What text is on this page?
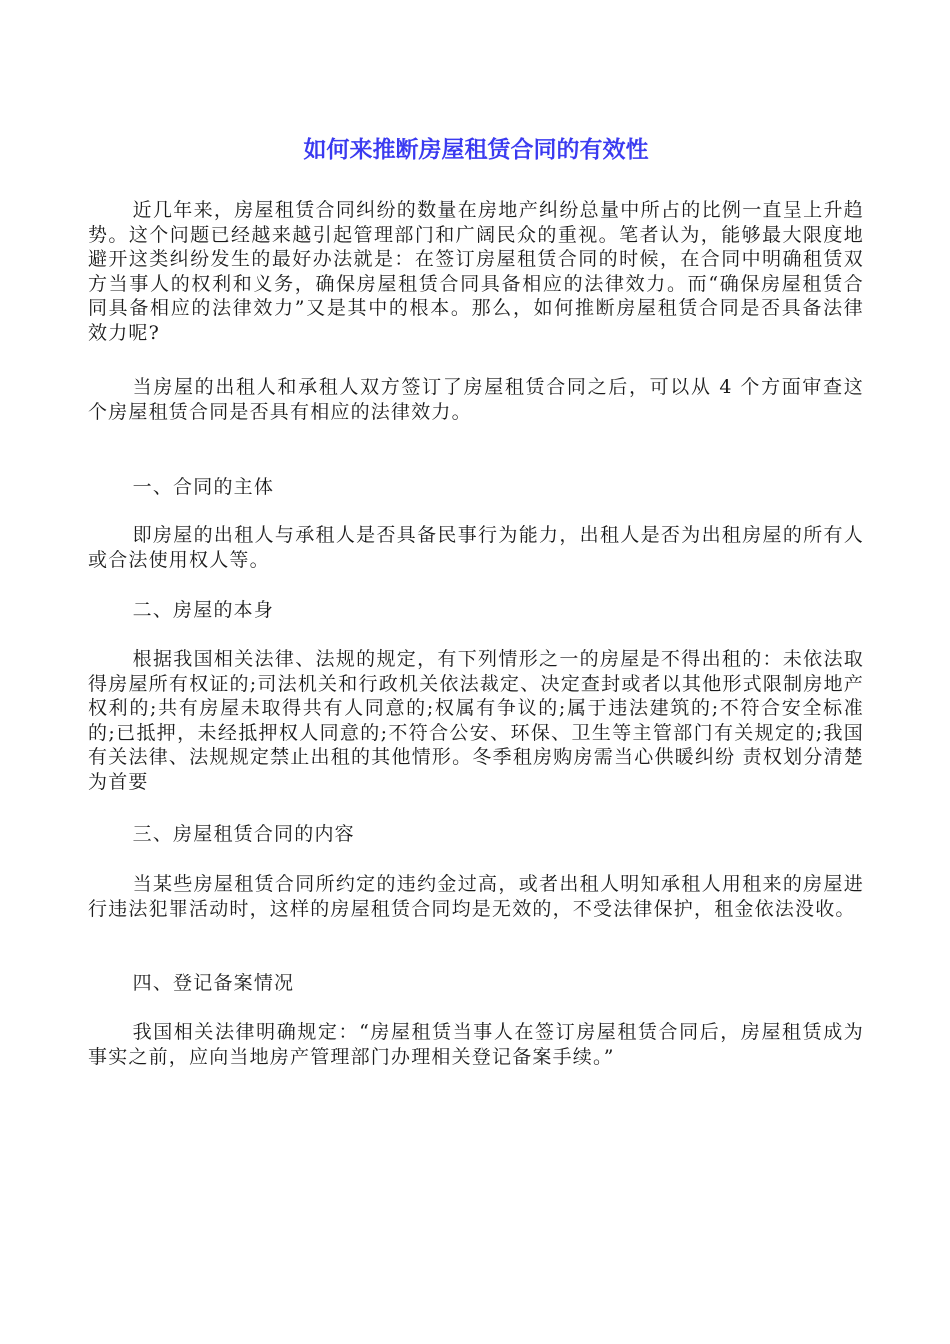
如何来推断房屋租赁合同的有效性

近几年来，房屋租赁合同纠纷的数量在房地产纠纷总量中所占的比例一直呈上升趋势。这个问题已经越来越引起管理部门和广阔民众的重视。笔者认为，能够最大限度地避开这类纠纷发生的最好办法就是：在签订房屋租赁合同的时候，在合同中明确租赁双方当事人的权利和义务，确保房屋租赁合同具备相应的法律效力。而“确保房屋租赁合同具备相应的法律效力”又是其中的根本。那么，如何推断房屋租赁合同是否具备法律效力呢?

当房屋的出租人和承租人双方签订了房屋租赁合同之后，可以从 4 个方面审查这个房屋租赁合同是否具有相应的法律效力。

一、合同的主体

即房屋的出租人与承租人是否具备民事行为能力，出租人是否为出租房屋的所有人或合法使用权人等。

二、房屋的本身

根据我国相关法律、法规的规定，有下列情形之一的房屋是不得出租的：未依法取得房屋所有权证的;司法机关和行政机关依法裁定、决定查封或者以其他形式限制房地产权利的;共有房屋未取得共有人同意的;权属有争议的;属于违法建筑的;不符合安全标准的;已抵押，未经抵押权人同意的;不符合公安、环保、卫生等主管部门有关规定的;我国有关法律、法规规定禁止出租的其他情形。冬季租房购房需当心供暖纠纷 责权划分清楚为首要

三、房屋租赁合同的内容

当某些房屋租赁合同所约定的违约金过高，或者出租人明知承租人用租来的房屋进行违法犯罪活动时，这样的房屋租赁合同均是无效的，不受法律保护，租金依法没收。

四、登记备案情况

我国相关法律明确规定：“房屋租赁当事人在签订房屋租赁合同后，房屋租赁成为事实之前，应向当地房产管理部门办理相关登记备案手续。”
